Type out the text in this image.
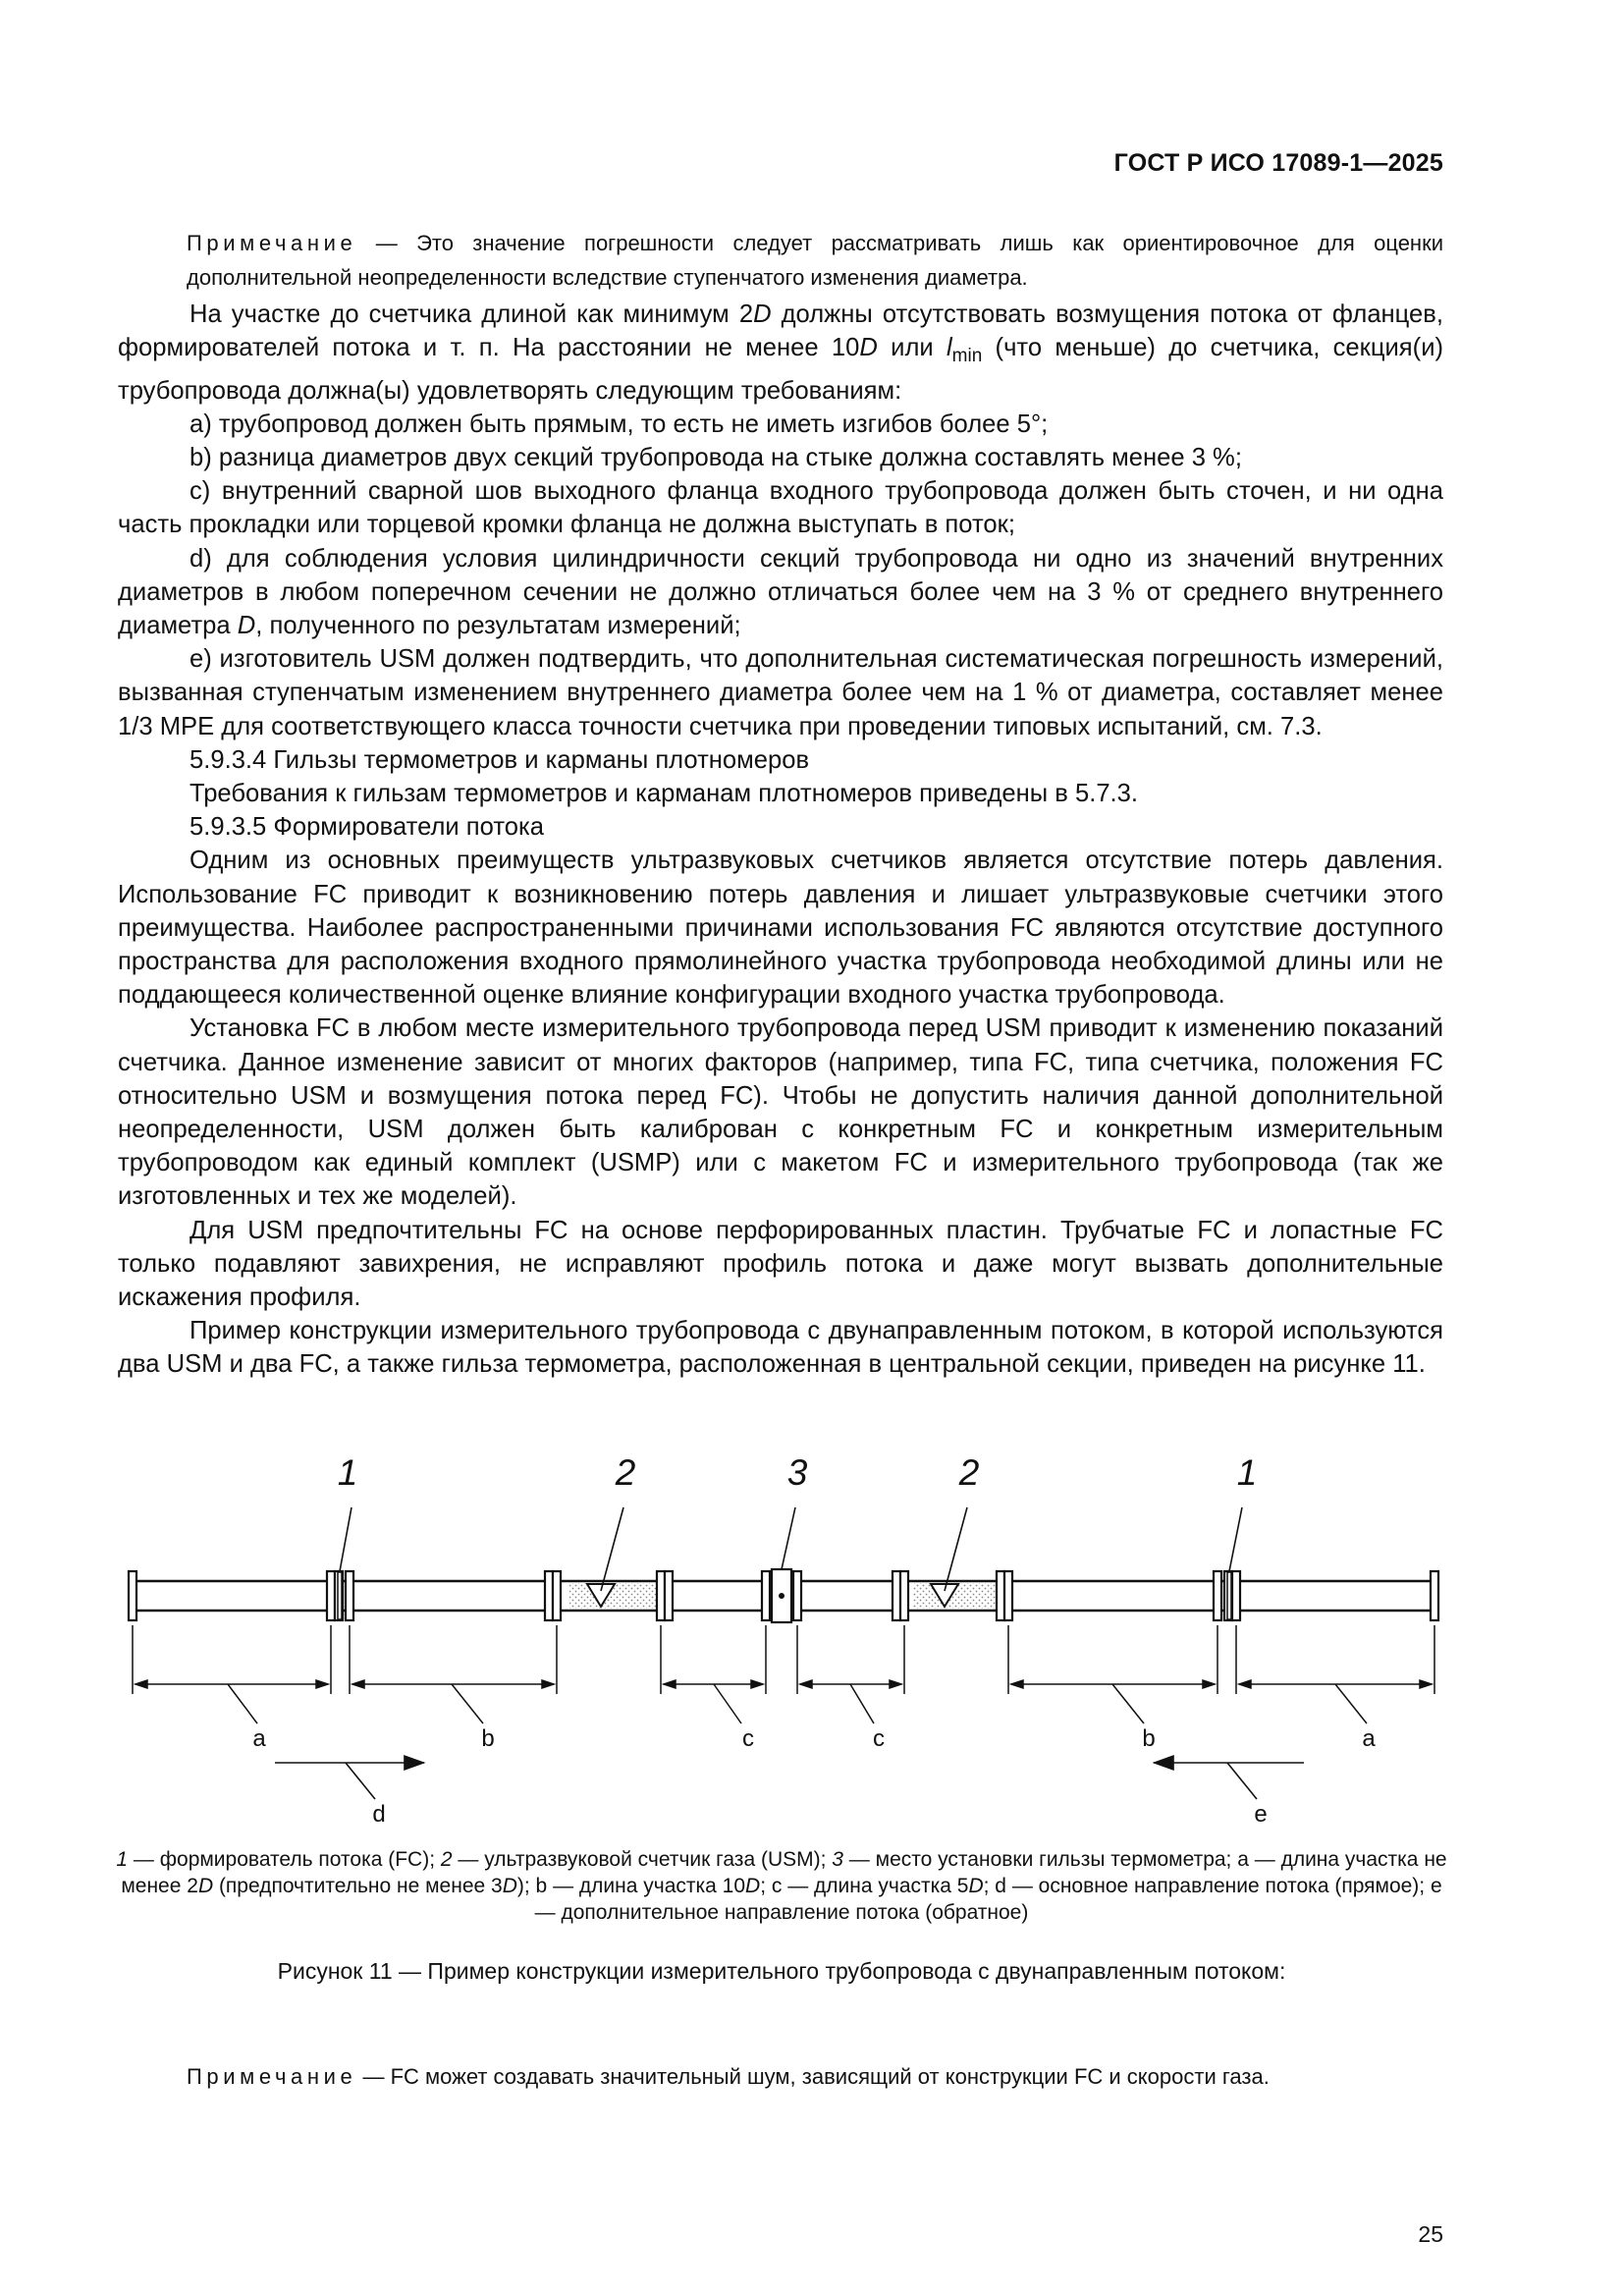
ГОСТ Р ИСО 17089-1—2025
Примечание — Это значение погрешности следует рассматривать лишь как ориентировочное для оценки дополнительной неопределенности вследствие ступенчатого изменения диаметра.

На участке до счетчика длиной как минимум 2D должны отсутствовать возмущения потока от фланцев, формирователей потока и т. п. На расстоянии не менее 10D или $l_{min}$ (что меньше) до счетчика, секция(и) трубопровода должна(ы) удовлетворять следующим требованиям:

a) трубопровод должен быть прямым, то есть не иметь изгибов более 5°;

b) разница диаметров двух секций трубопровода на стыке должна составлять менее 3 %;

c) внутренний сварной шов выходного фланца входного трубопровода должен быть сточен, и ни одна часть прокладки или торцевой кромки фланца не должна выступать в поток;

d) для соблюдения условия цилиндричности секций трубопровода ни одно из значений внутренних диаметров в любом поперечном сечении не должно отличаться более чем на 3 % от среднего внутреннего диаметра D, полученного по результатам измерений;

e) изготовитель USM должен подтвердить, что дополнительная систематическая погрешность измерений, вызванная ступенчатым изменением внутреннего диаметра более чем на 1 % от диаметра, составляет менее 1/3 MPE для соответствующего класса точности счетчика при проведении типовых испытаний, см. 7.3.

5.9.3.4 Гильзы термометров и карманы плотномеров

Требования к гильзам термометров и карманам плотномеров приведены в 5.7.3.

5.9.3.5 Формирователи потока

Одним из основных преимуществ ультразвуковых счетчиков является отсутствие потерь давления. Использование FC приводит к возникновению потерь давления и лишает ультразвуковые счетчики этого преимущества. Наиболее распространенными причинами использования FC являются отсутствие доступного пространства для расположения входного прямолинейного участка трубопровода необходимой длины или не поддающееся количественной оценке влияние конфигурации входного участка трубопровода.

Установка FC в любом месте измерительного трубопровода перед USM приводит к изменению показаний счетчика. Данное изменение зависит от многих факторов (например, типа FC, типа счетчика, положения FC относительно USM и возмущения потока перед FC). Чтобы не допустить наличия данной дополнительной неопределенности, USM должен быть калиброван с конкретным FC и конкретным измерительным трубопроводом как единый комплект (USMP) или с макетом FC и измерительного трубопровода (так же изготовленных и тех же моделей).

Для USM предпочтительны FC на основе перфорированных пластин. Трубчатые FC и лопастные FC только подавляют завихрения, не исправляют профиль потока и даже могут вызвать дополнительные искажения профиля.

Пример конструкции измерительного трубопровода с двунаправленным потоком, в которой используются два USM и два FC, а также гильза термометра, расположенная в центральной секции, приведен на рисунке 11.

1	2	3	2	1
a	b	c	c	b	a
d	e
1 — формирователь потока (FC); 2 — ультразвуковой счетчик газа (USM); 3 — место установки гильзы термометра; a — длина участка не менее 2D (предпочтительно не менее 3D); b — длина участка 10D; c — длина участка 5D; d — основное направление потока (прямое); e — дополнительное направление потока (обратное)
Рисунок 11 — Пример конструкции измерительного трубопровода с двунаправленным потоком:
Примечание — FC может создавать значительный шум, зависящий от конструкции FC и скорости газа.
25
